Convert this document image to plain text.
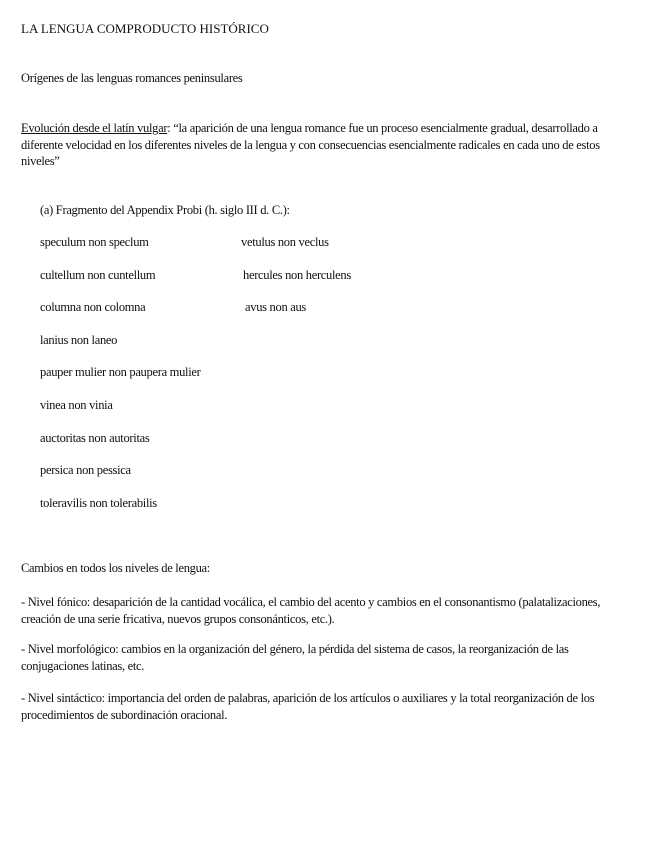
LA LENGUA COMPRODUCTO HISTÓRICO
Orígenes de las lenguas romances peninsulares
Evolución desde el latín vulgar: “la aparición de una lengua romance fue un proceso esencialmente gradual, desarrollado a diferente velocidad en los diferentes niveles de la lengua y con consecuencias esencialmente radicales en cada uno de estos niveles”
(a) Fragmento del Appendix Probi (h. siglo III d. C.):
speculum non speclum	vetulus non veclus
cultellum non cuntellum	hercules non herculens
columna non colomna	avus non aus
lanius non laneo
pauper mulier non paupera mulier
vinea non vinia
auctoritas non autoritas
persica non pessica
toleravilis non tolerabilis
Cambios en todos los niveles de lengua:
- Nivel fónico: desaparición de la cantidad vocálica, el cambio del acento y cambios en el consonantismo (palatalizaciones, creación de una serie fricativa, nuevos grupos consonánticos, etc.).
- Nivel morfológico: cambios en la organización del género, la pérdida del sistema de casos, la reorganización de las conjugaciones latinas, etc.
- Nivel sintáctico: importancia del orden de palabras, aparición de los artículos o auxiliares y la total reorganización de los procedimientos de subordinación oracional.
